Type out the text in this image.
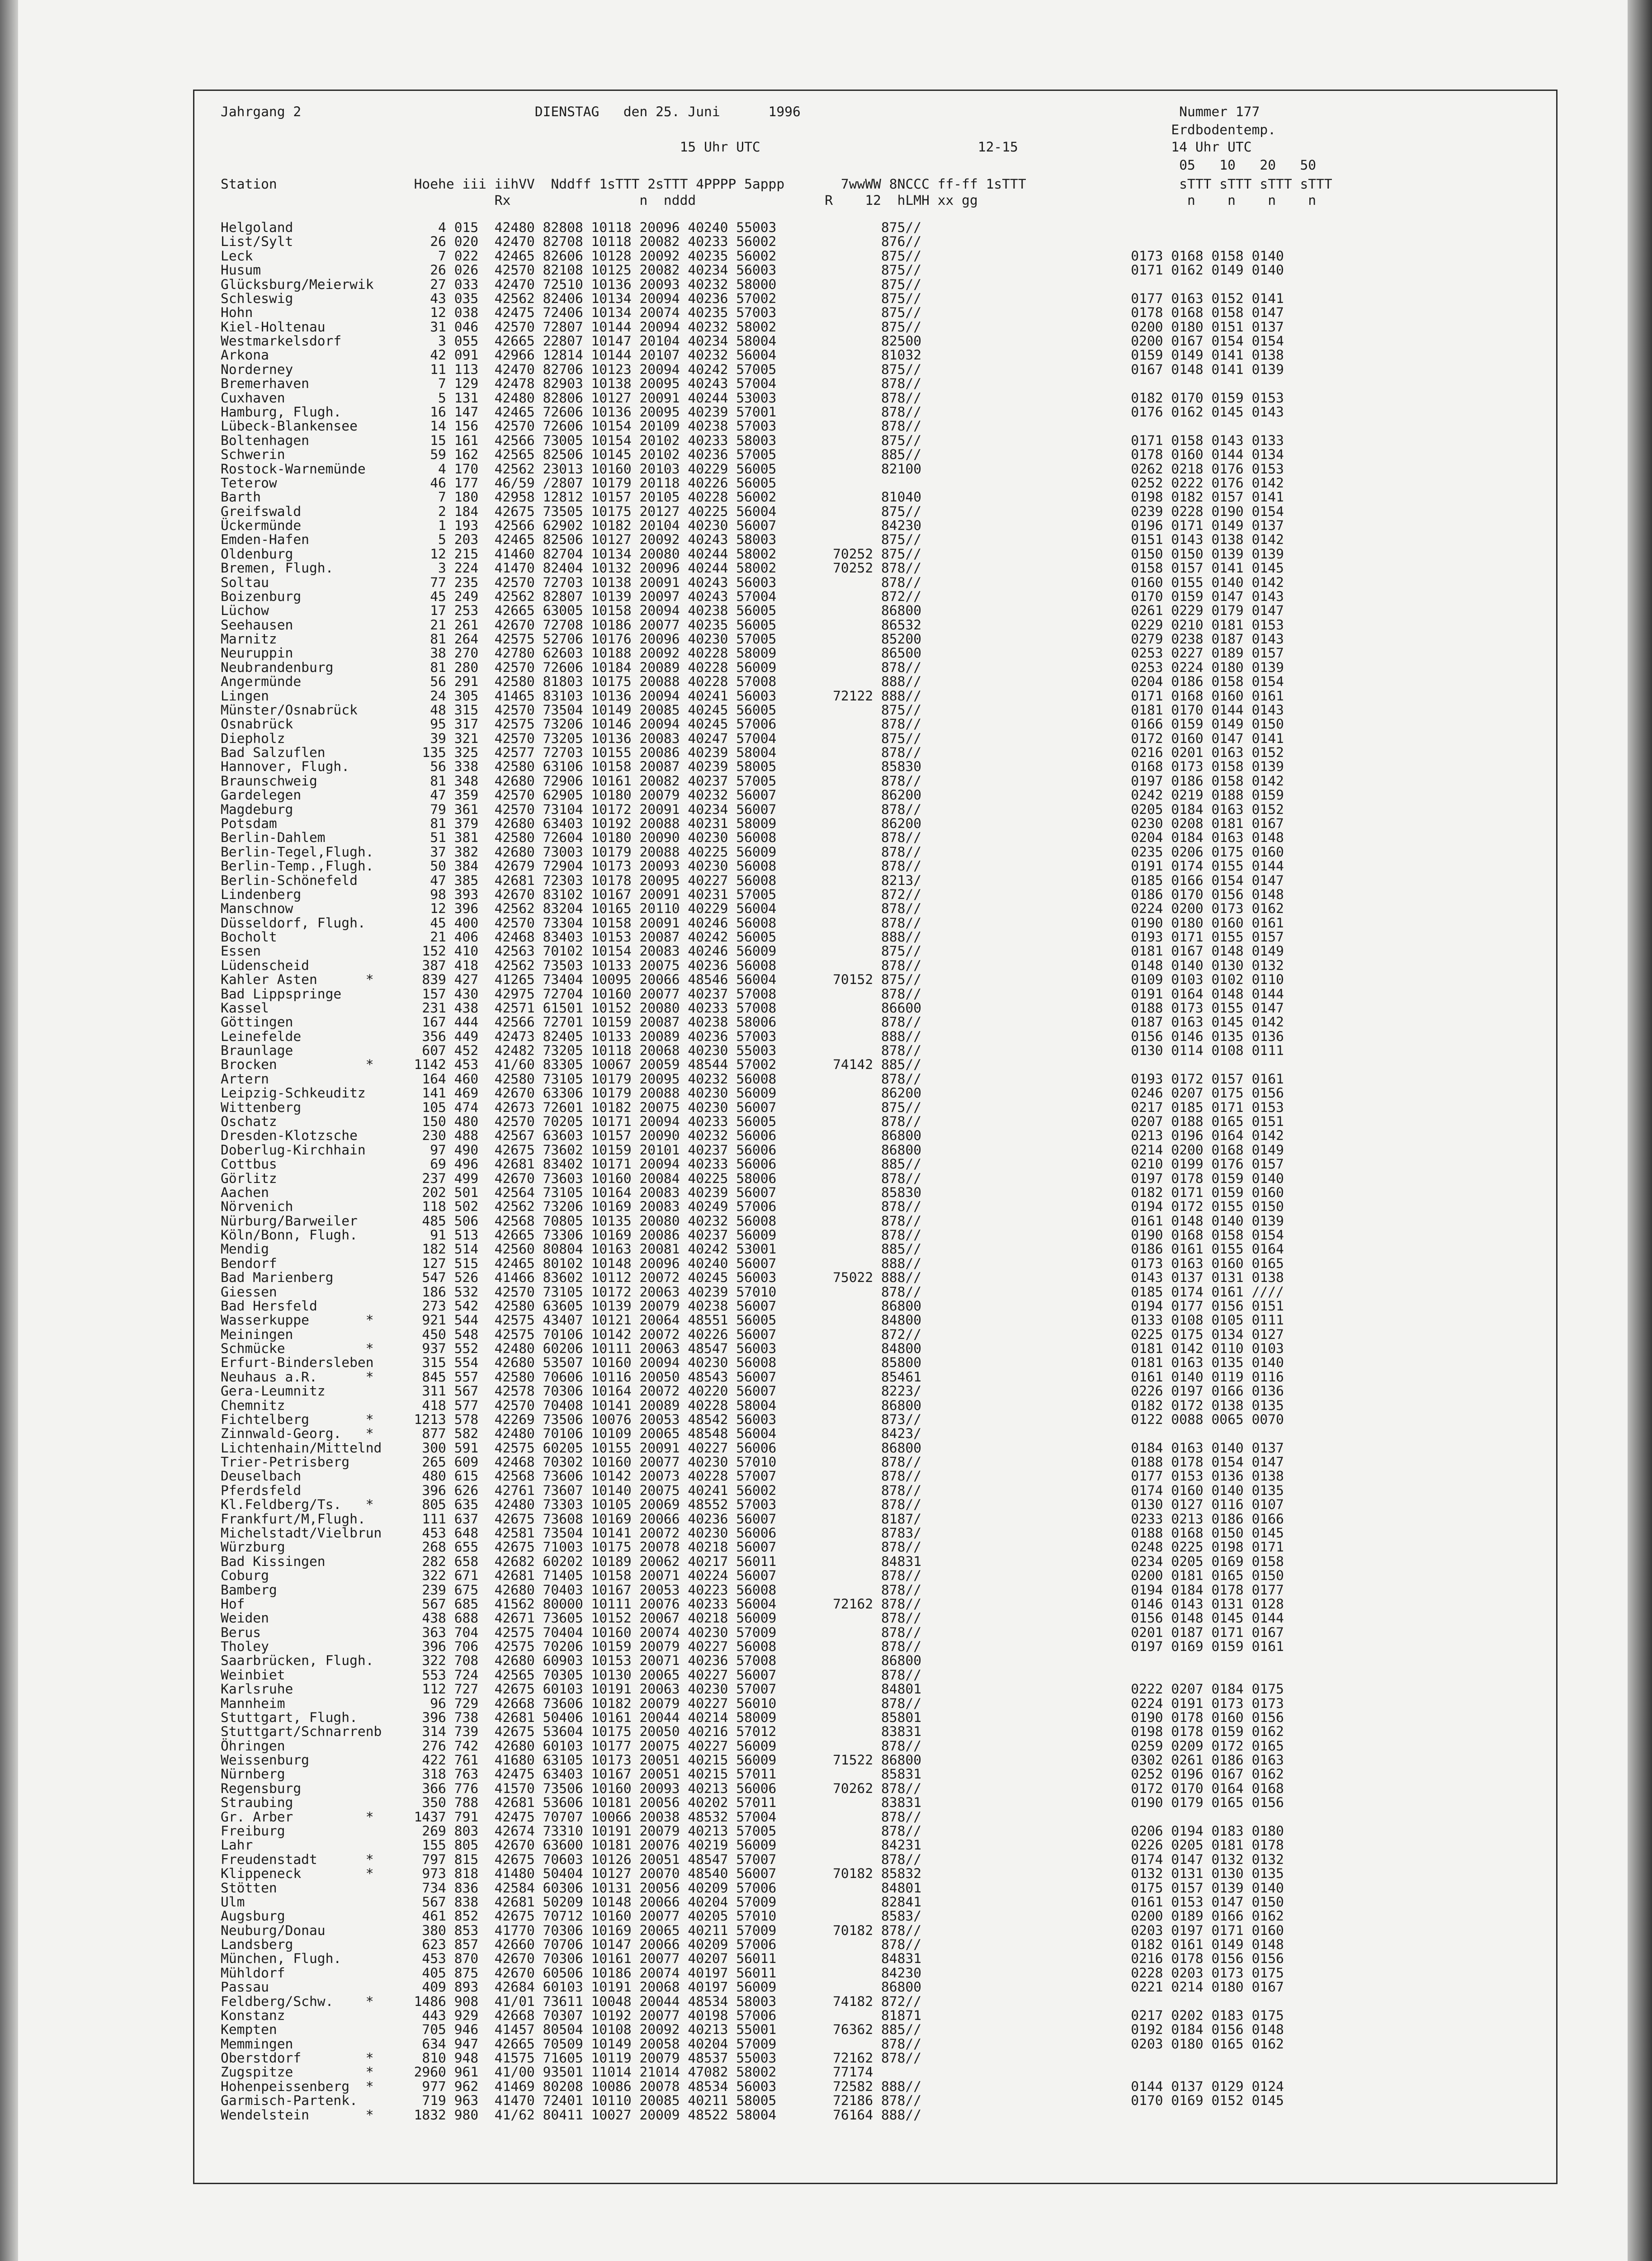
Jahrgang 2                             DIENSTAG   den 25. Juni      1996                                               Nummer 177
Erdbodentemp.
15 Uhr UTC                           12-15                   14 Uhr UTC
05   10   20   50
Station                 Hoehe iii iihVV  Nddff 1sTTT 2sTTT 4PPPP 5appp       7wwWW 8NCCC ff-ff 1sTTT                   sTTT sTTT sTTT sTTT
Rx                n  nddd                R    12  hLMH xx gg                          n    n    n    n
Helgoland                  4 015  42480 82808 10118 20096 40240 55003             875//
List/Sylt                 26 020  42470 82708 10118 20082 40233 56002             876//
Leck                       7 022  42465 82606 10128 20092 40235 56002             875//                          0173 0168 0158 0140
Husum                     26 026  42570 82108 10125 20082 40234 56003             875//                          0171 0162 0149 0140
Glücksburg/Meierwik       27 033  42470 72510 10136 20093 40232 58000             875//
Schleswig                 43 035  42562 82406 10134 20094 40236 57002             875//                          0177 0163 0152 0141
Hohn                      12 038  42475 72406 10134 20074 40235 57003             875//                          0178 0168 0158 0147
Kiel-Holtenau             31 046  42570 72807 10144 20094 40232 58002             875//                          0200 0180 0151 0137
Westmarkelsdorf            3 055  42665 22807 10147 20104 40234 58004             82500                          0200 0167 0154 0154
Arkona                    42 091  42966 12814 10144 20107 40232 56004             81032                          0159 0149 0141 0138
Norderney                 11 113  42470 82706 10123 20094 40242 57005             875//                          0167 0148 0141 0139
Bremerhaven                7 129  42478 82903 10138 20095 40243 57004             878//
Cuxhaven                   5 131  42480 82806 10127 20091 40244 53003             878//                          0182 0170 0159 0153
Hamburg, Flugh.           16 147  42465 72606 10136 20095 40239 57001             878//                          0176 0162 0145 0143
Lübeck-Blankensee         14 156  42570 72606 10154 20109 40238 57003             878//
Boltenhagen               15 161  42566 73005 10154 20102 40233 58003             875//                          0171 0158 0143 0133
Schwerin                  59 162  42565 82506 10145 20102 40236 57005             885//                          0178 0160 0144 0134
Rostock-Warnemünde         4 170  42562 23013 10160 20103 40229 56005             82100                          0262 0218 0176 0153
Teterow                   46 177  46/59 /2807 10179 20118 40226 56005                                            0252 0222 0176 0142
Barth                      7 180  42958 12812 10157 20105 40228 56002             81040                          0198 0182 0157 0141
Greifswald                 2 184  42675 73505 10175 20127 40225 56004             875//                          0239 0228 0190 0154
Ückermünde                 1 193  42566 62902 10182 20104 40230 56007             84230                          0196 0171 0149 0137
Emden-Hafen                5 203  42465 82506 10127 20092 40243 58003             875//                          0151 0143 0138 0142
Oldenburg                 12 215  41460 82704 10134 20080 40244 58002       70252 875//                          0150 0150 0139 0139
Bremen, Flugh.             3 224  41470 82404 10132 20096 40244 58002       70252 878//                          0158 0157 0141 0145
Soltau                    77 235  42570 72703 10138 20091 40243 56003             878//                          0160 0155 0140 0142
Boizenburg                45 249  42562 82807 10139 20097 40243 57004             872//                          0170 0159 0147 0143
Lüchow                    17 253  42665 63005 10158 20094 40238 56005             86800                          0261 0229 0179 0147
Seehausen                 21 261  42670 72708 10186 20077 40235 56005             86532                          0229 0210 0181 0153
Marnitz                   81 264  42575 52706 10176 20096 40230 57005             85200                          0279 0238 0187 0143
Neuruppin                 38 270  42780 62603 10188 20092 40228 58009             86500                          0253 0227 0189 0157
Neubrandenburg            81 280  42570 72606 10184 20089 40228 56009             878//                          0253 0224 0180 0139
Angermünde                56 291  42580 81803 10175 20088 40228 57008             888//                          0204 0186 0158 0154
Lingen                    24 305  41465 83103 10136 20094 40241 56003       72122 888//                          0171 0168 0160 0161
Münster/Osnabrück         48 315  42570 73504 10149 20085 40245 56005             875//                          0181 0170 0144 0143
Osnabrück                 95 317  42575 73206 10146 20094 40245 57006             878//                          0166 0159 0149 0150
Diepholz                  39 321  42570 73205 10136 20083 40247 57004             875//                          0172 0160 0147 0141
Bad Salzuflen            135 325  42577 72703 10155 20086 40239 58004             878//                          0216 0201 0163 0152
Hannover, Flugh.          56 338  42580 63106 10158 20087 40239 58005             85830                          0168 0173 0158 0139
Braunschweig              81 348  42680 72906 10161 20082 40237 57005             878//                          0197 0186 0158 0142
Gardelegen                47 359  42570 62905 10180 20079 40232 56007             86200                          0242 0219 0188 0159
Magdeburg                 79 361  42570 73104 10172 20091 40234 56007             878//                          0205 0184 0163 0152
Potsdam                   81 379  42680 63403 10192 20088 40231 58009             86200                          0230 0208 0181 0167
Berlin-Dahlem             51 381  42580 72604 10180 20090 40230 56008             878//                          0204 0184 0163 0148
Berlin-Tegel,Flugh.       37 382  42680 73003 10179 20088 40225 56009             878//                          0235 0206 0175 0160
Berlin-Temp.,Flugh.       50 384  42679 72904 10173 20093 40230 56008             878//                          0191 0174 0155 0144
Berlin-Schönefeld         47 385  42681 72303 10178 20095 40227 56008             8213/                          0185 0166 0154 0147
Lindenberg                98 393  42670 83102 10167 20091 40231 57005             872//                          0186 0170 0156 0148
Manschnow                 12 396  42562 83204 10165 20110 40229 56004             878//                          0224 0200 0173 0162
Düsseldorf, Flugh.        45 400  42570 73304 10158 20091 40246 56008             878//                          0190 0180 0160 0161
Bocholt                   21 406  42468 83403 10153 20087 40242 56005             888//                          0193 0171 0155 0157
Essen                    152 410  42563 70102 10154 20083 40246 56009             875//                          0181 0167 0148 0149
Lüdenscheid              387 418  42562 73503 10133 20075 40236 56008             878//                          0148 0140 0130 0132
Kahler Asten      *      839 427  41265 73404 10095 20066 48546 56004       70152 875//                          0109 0103 0102 0110
Bad Lippspringe          157 430  42975 72704 10160 20077 40237 57008             878//                          0191 0164 0148 0144
Kassel                   231 438  42571 61501 10152 20080 40233 57008             86600                          0188 0173 0155 0147
Göttingen                167 444  42566 72701 10159 20087 40238 58006             878//                          0187 0163 0145 0142
Leinefelde               356 449  42473 82405 10133 20089 40236 57003             888//                          0156 0146 0135 0136
Braunlage                607 452  42482 73205 10118 20068 40230 55003             878//                          0130 0114 0108 0111
Brocken           *     1142 453  41/60 83305 10067 20059 48544 57002       74142 885//
Artern                   164 460  42580 73105 10179 20095 40232 56008             878//                          0193 0172 0157 0161
Leipzig-Schkeuditz       141 469  42670 63306 10179 20088 40230 56009             86200                          0246 0207 0175 0156
Wittenberg               105 474  42673 72601 10182 20075 40230 56007             875//                          0217 0185 0171 0153
Oschatz                  150 480  42570 70205 10171 20094 40233 56005             878//                          0207 0188 0165 0151
Dresden-Klotzsche        230 488  42567 63603 10157 20090 40232 56006             86800                          0213 0196 0164 0142
Doberlug-Kirchhain        97 490  42675 73602 10159 20101 40237 56006             86800                          0214 0200 0168 0149
Cottbus                   69 496  42681 83402 10171 20094 40233 56006             885//                          0210 0199 0176 0157
Görlitz                  237 499  42670 73603 10160 20084 40225 58006             878//                          0197 0178 0159 0140
Aachen                   202 501  42564 73105 10164 20083 40239 56007             85830                          0182 0171 0159 0160
Nörvenich                118 502  42562 73206 10169 20083 40249 57006             878//                          0194 0172 0155 0150
Nürburg/Barweiler        485 506  42568 70805 10135 20080 40232 56008             878//                          0161 0148 0140 0139
Köln/Bonn, Flugh.         91 513  42665 73306 10169 20086 40237 56009             878//                          0190 0168 0158 0154
Mendig                   182 514  42560 80804 10163 20081 40242 53001             885//                          0186 0161 0155 0164
Bendorf                  127 515  42465 80102 10148 20096 40240 56007             888//                          0173 0163 0160 0165
Bad Marienberg           547 526  41466 83602 10112 20072 40245 56003       75022 888//                          0143 0137 0131 0138
Giessen                  186 532  42570 73105 10172 20063 40239 57010             878//                          0185 0174 0161 ////
Bad Hersfeld             273 542  42580 63605 10139 20079 40238 56007             86800                          0194 0177 0156 0151
Wasserkuppe       *      921 544  42575 43407 10121 20064 48551 56005             84800                          0133 0108 0105 0111
Meiningen                450 548  42575 70106 10142 20072 40226 56007             872//                          0225 0175 0134 0127
Schmücke          *      937 552  42480 60206 10111 20063 48547 56003             84800                          0181 0142 0110 0103
Erfurt-Bindersleben      315 554  42680 53507 10160 20094 40230 56008             85800                          0181 0163 0135 0140
Neuhaus a.R.      *      845 557  42580 70606 10116 20050 48543 56007             85461                          0161 0140 0119 0116
Gera-Leumnitz            311 567  42578 70306 10164 20072 40220 56007             8223/                          0226 0197 0166 0136
Chemnitz                 418 577  42570 70408 10141 20089 40228 58004             86800                          0182 0172 0138 0135
Fichtelberg       *     1213 578  42269 73506 10076 20053 48542 56003             873//                          0122 0088 0065 0070
Zinnwald-Georg.   *      877 582  42480 70106 10109 20065 48548 56004             8423/
Lichtenhain/Mittelnd     300 591  42575 60205 10155 20091 40227 56006             86800                          0184 0163 0140 0137
Trier-Petrisberg         265 609  42468 70302 10160 20077 40230 57010             878//                          0188 0178 0154 0147
Deuselbach               480 615  42568 73606 10142 20073 40228 57007             878//                          0177 0153 0136 0138
Pferdsfeld               396 626  42761 73607 10140 20075 40241 56002             878//                          0174 0160 0140 0135
Kl.Feldberg/Ts.   *      805 635  42480 73303 10105 20069 48552 57003             878//                          0130 0127 0116 0107
Frankfurt/M,Flugh.       111 637  42675 73608 10169 20066 40236 56007             8187/                          0233 0213 0186 0166
Michelstadt/Vielbrun     453 648  42581 73504 10141 20072 40230 56006             8783/                          0188 0168 0150 0145
Würzburg                 268 655  42675 71003 10175 20078 40218 56007             878//                          0248 0225 0198 0171
Bad Kissingen            282 658  42682 60202 10189 20062 40217 56011             84831                          0234 0205 0169 0158
Coburg                   322 671  42681 71405 10158 20071 40224 56007             878//                          0200 0181 0165 0150
Bamberg                  239 675  42680 70403 10167 20053 40223 56008             878//                          0194 0184 0178 0177
Hof                      567 685  41562 80000 10111 20076 40233 56004       72162 878//                          0146 0143 0131 0128
Weiden                   438 688  42671 73605 10152 20067 40218 56009             878//                          0156 0148 0145 0144
Berus                    363 704  42575 70404 10160 20074 40230 57009             878//                          0201 0187 0171 0167
Tholey                   396 706  42575 70206 10159 20079 40227 56008             878//                          0197 0169 0159 0161
Saarbrücken, Flugh.      322 708  42680 60903 10153 20071 40236 57008             86800
Weinbiet                 553 724  42565 70305 10130 20065 40227 56007             878//
Karlsruhe                112 727  42675 60103 10191 20063 40230 57007             84801                          0222 0207 0184 0175
Mannheim                  96 729  42668 73606 10182 20079 40227 56010             878//                          0224 0191 0173 0173
Stuttgart, Flugh.        396 738  42681 50406 10161 20044 40214 58009             85801                          0190 0178 0160 0156
Stuttgart/Schnarrenb     314 739  42675 53604 10175 20050 40216 57012             83831                          0198 0178 0159 0162
Öhringen                 276 742  42680 60103 10177 20075 40227 56009             878//                          0259 0209 0172 0165
Weissenburg              422 761  41680 63105 10173 20051 40215 56009       71522 86800                          0302 0261 0186 0163
Nürnberg                 318 763  42475 63403 10167 20051 40215 57011             85831                          0252 0196 0167 0162
Regensburg               366 776  41570 73506 10160 20093 40213 56006       70262 878//                          0172 0170 0164 0168
Straubing                350 788  42681 53606 10181 20056 40202 57011             83831                          0190 0179 0165 0156
Gr. Arber         *     1437 791  42475 70707 10066 20038 48532 57004             878//
Freiburg                 269 803  42674 73310 10191 20079 40213 57005             878//                          0206 0194 0183 0180
Lahr                     155 805  42670 63600 10181 20076 40219 56009             84231                          0226 0205 0181 0178
Freudenstadt      *      797 815  42675 70603 10126 20051 48547 57007             878//                          0174 0147 0132 0132
Klippeneck        *      973 818  41480 50404 10127 20070 48540 56007       70182 85832                          0132 0131 0130 0135
Stötten                  734 836  42584 60306 10131 20056 40209 57006             84801                          0175 0157 0139 0140
Ulm                      567 838  42681 50209 10148 20066 40204 57009             82841                          0161 0153 0147 0150
Augsburg                 461 852  42675 70712 10160 20077 40205 57010             8583/                          0200 0189 0166 0162
Neuburg/Donau            380 853  41770 70306 10169 20065 40211 57009       70182 878//                          0203 0197 0171 0160
Landsberg                623 857  42660 70706 10147 20066 40209 57006             878//                          0182 0161 0149 0148
München, Flugh.          453 870  42670 70306 10161 20077 40207 56011             84831                          0216 0178 0156 0156
Mühldorf                 405 875  42670 60506 10186 20074 40197 56011             84230                          0228 0203 0173 0175
Passau                   409 893  42684 60103 10191 20068 40197 56009             86800                          0221 0214 0180 0167
Feldberg/Schw.    *     1486 908  41/01 73611 10048 20044 48534 58003       74182 872//
Konstanz                 443 929  42668 70307 10192 20077 40198 57006             81871                          0217 0202 0183 0175
Kempten                  705 946  41457 80504 10108 20092 40213 55001       76362 885//                          0192 0184 0156 0148
Memmingen                634 947  42665 70509 10149 20058 40204 57009             878//                          0203 0180 0165 0162
Oberstdorf        *      810 948  41575 71605 10119 20079 48537 55003       72162 878//
Zugspitze         *     2960 961  41/00 93501 11014 21014 47082 58002       77174
Hohenpeissenberg  *      977 962  41469 80208 10086 20078 48534 56003       72582 888//                          0144 0137 0129 0124
Garmisch-Partenk.        719 963  41470 72401 10110 20085 40211 58005       72186 878//                          0170 0169 0152 0145
Wendelstein       *     1832 980  41/62 80411 10027 20009 48522 58004       76164 888//
